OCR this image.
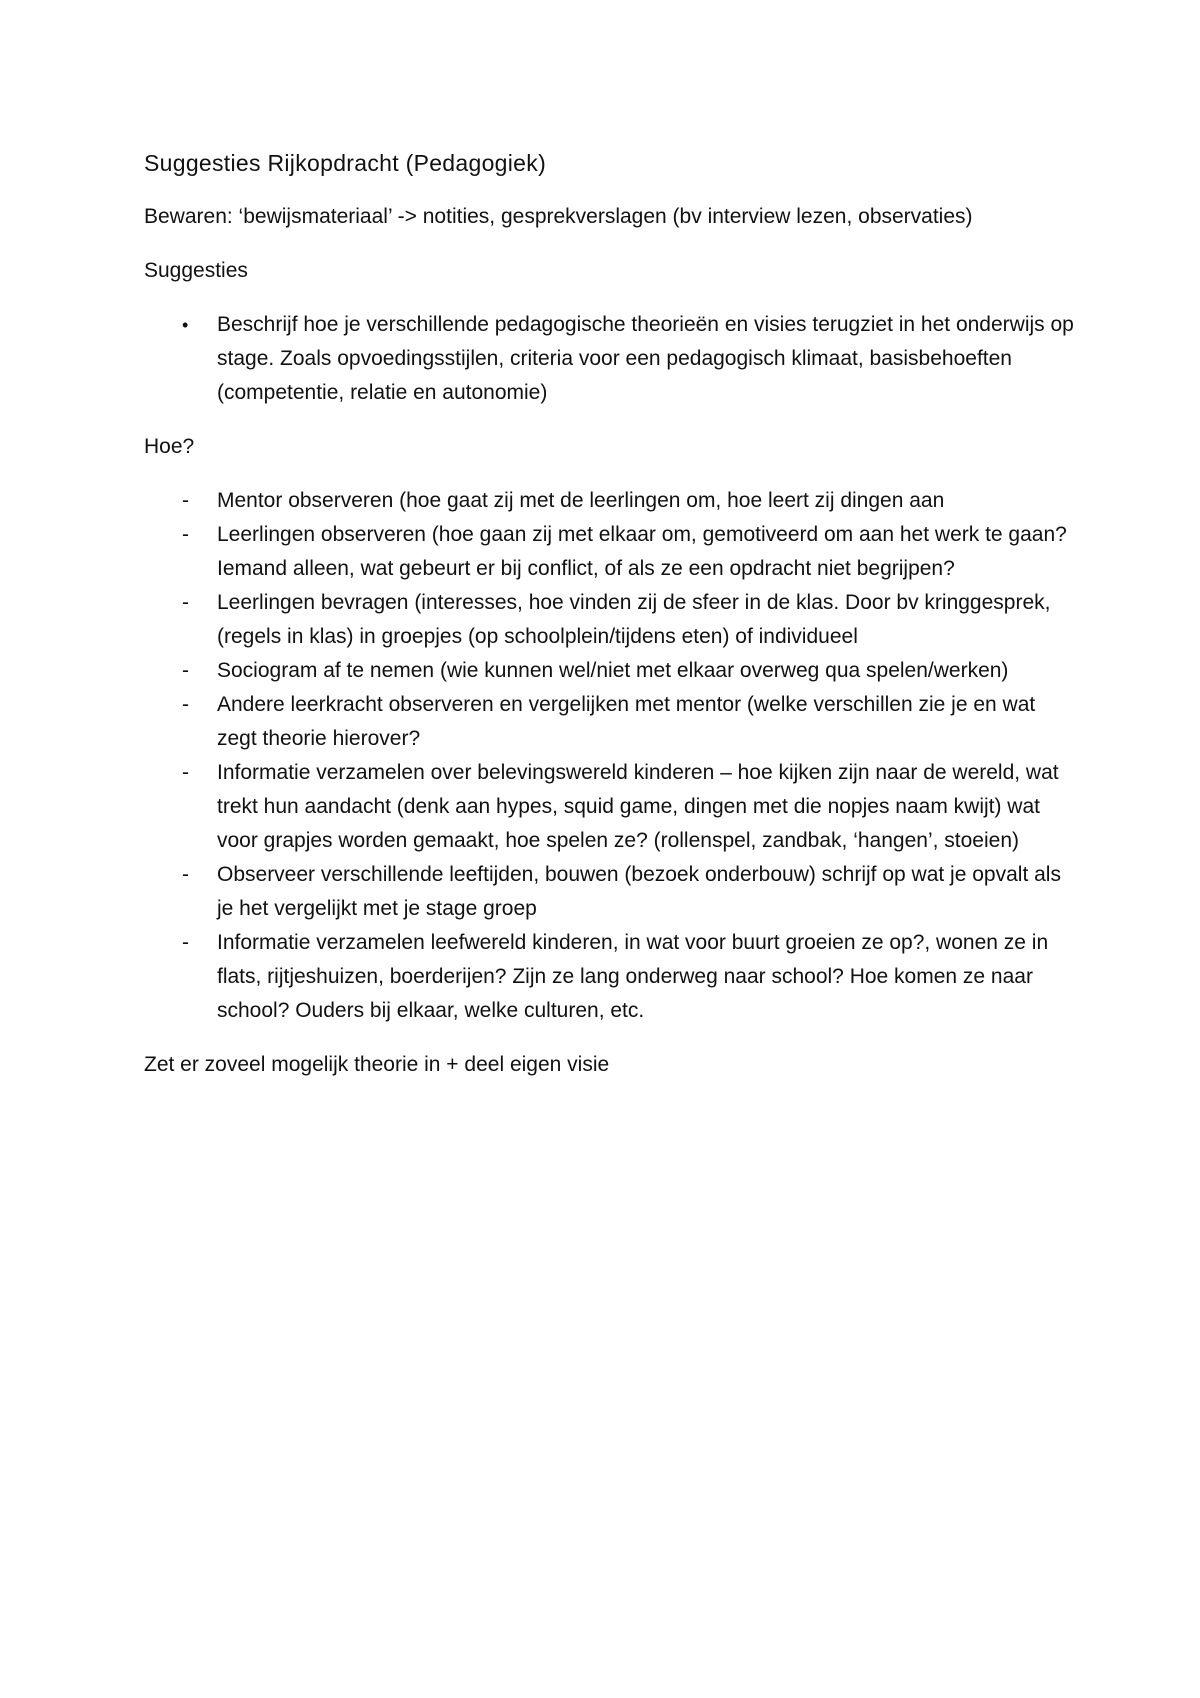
Suggesties Rijkopdracht (Pedagogiek)

Bewaren: ‘bewijsmateriaal’ -> notities, gesprekverslagen (bv interview lezen, observaties)

Suggesties

• Beschrijf hoe je verschillende pedagogische theorieën en visies terugziet in het onderwijs op stage. Zoals opvoedingsstijlen, criteria voor een pedagogisch klimaat, basisbehoeften (competentie, relatie en autonomie)

Hoe?

- Mentor observeren (hoe gaat zij met de leerlingen om, hoe leert zij dingen aan
- Leerlingen observeren (hoe gaan zij met elkaar om, gemotiveerd om aan het werk te gaan? Iemand alleen, wat gebeurt er bij conflict, of als ze een opdracht niet begrijpen?
- Leerlingen bevragen (interesses, hoe vinden zij de sfeer in de klas. Door bv kringgesprek, (regels in klas) in groepjes (op schoolplein/tijdens eten) of individueel
- Sociogram af te nemen (wie kunnen wel/niet met elkaar overweg qua spelen/werken)
- Andere leerkracht observeren en vergelijken met mentor (welke verschillen zie je en wat zegt theorie hierover?
- Informatie verzamelen over belevingswereld kinderen – hoe kijken zijn naar de wereld, wat trekt hun aandacht (denk aan hypes, squid game, dingen met die nopjes naam kwijt) wat voor grapjes worden gemaakt, hoe spelen ze? (rollenspel, zandbak, ‘hangen’, stoeien)
- Observeer verschillende leeftijden, bouwen (bezoek onderbouw) schrijf op wat je opvalt als je het vergelijkt met je stage groep
- Informatie verzamelen leefwereld kinderen, in wat voor buurt groeien ze op?, wonen ze in flats, rijtjeshuizen, boerderijen? Zijn ze lang onderweg naar school? Hoe komen ze naar school? Ouders bij elkaar, welke culturen, etc.

Zet er zoveel mogelijk theorie in + deel eigen visie
